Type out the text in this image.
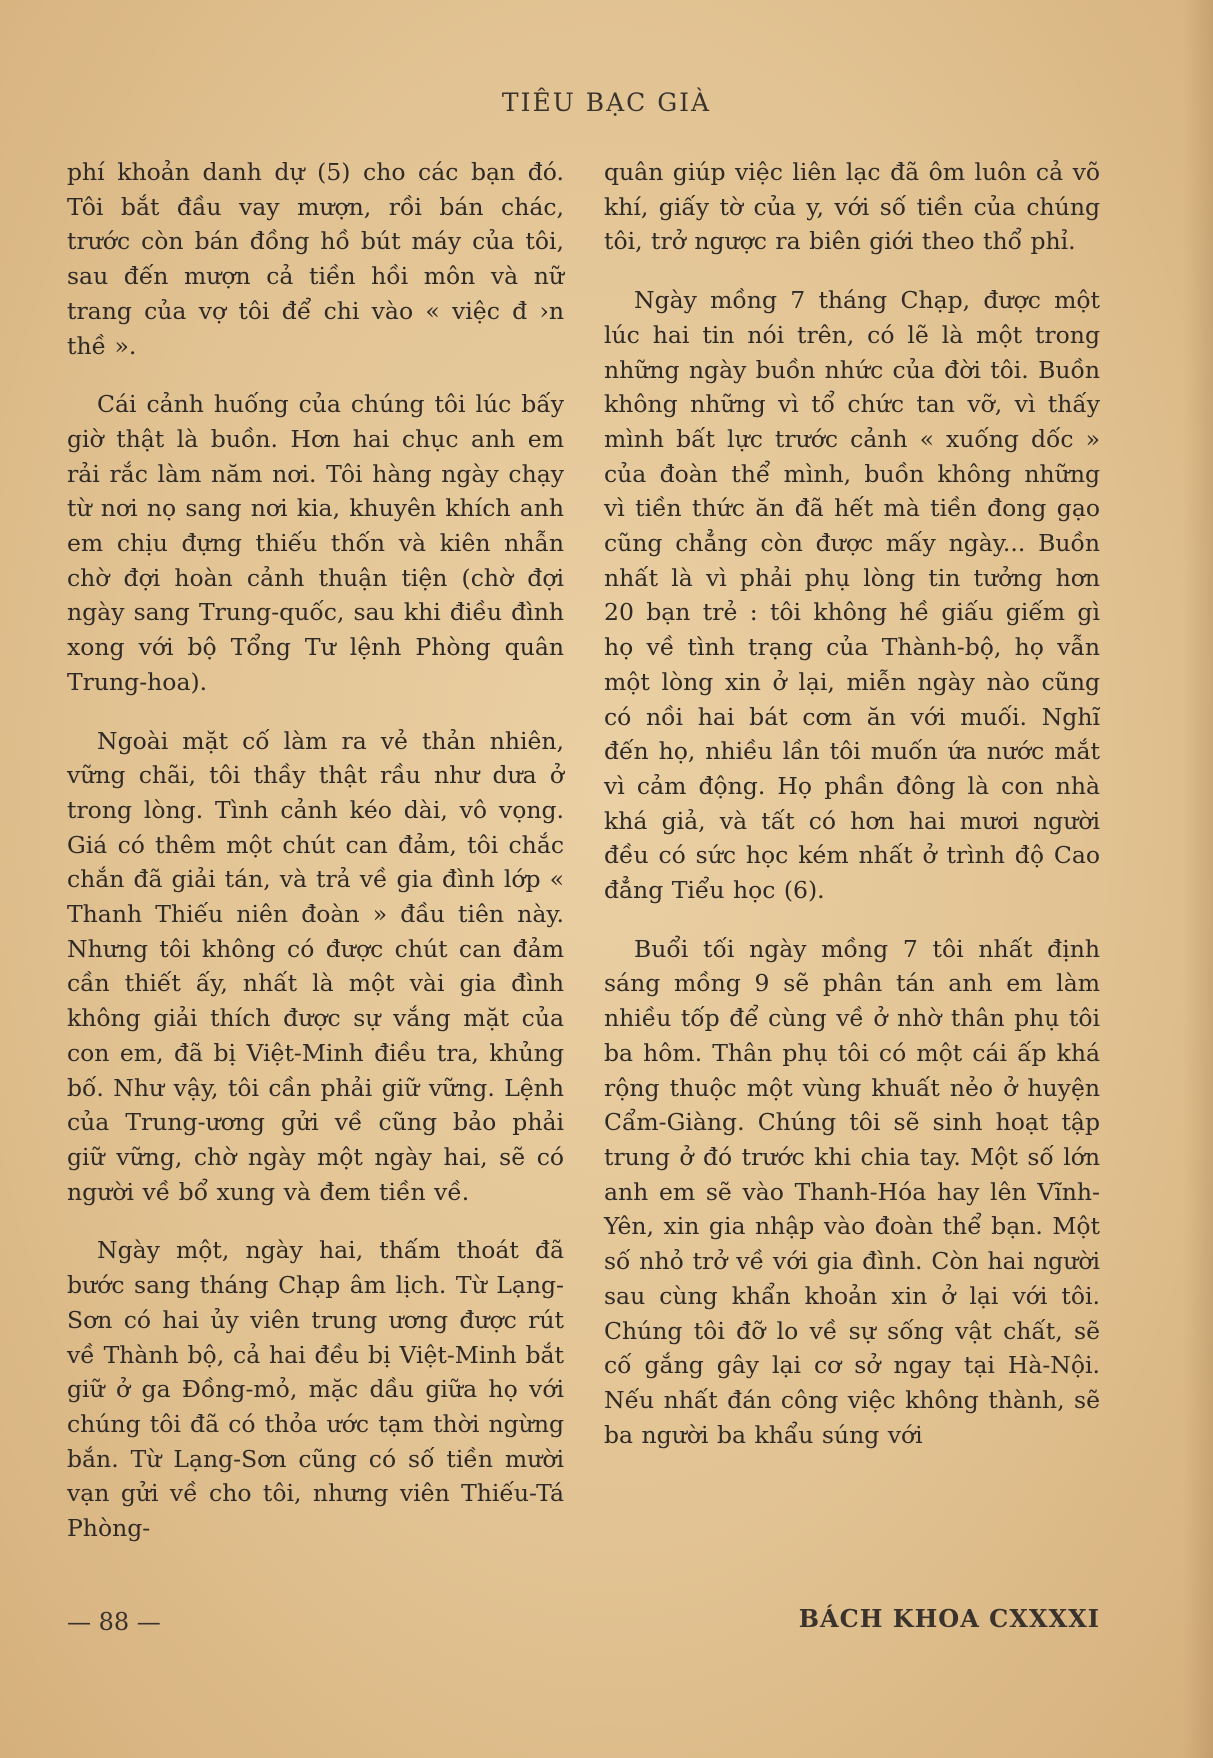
TIÊU BẠC GIÀ

phí khoản danh dự (5) cho các bạn đó. Tôi bắt đầu vay mượn, rồi bán chác, trước còn bán đồng hồ bút máy của tôi, sau đến mượn cả tiền hồi môn và nữ trang của vợ tôi để chi vào « việc đ ›n thề ».

Cái cảnh huống của chúng tôi lúc bấy giờ thật là buồn. Hơn hai chục anh em rải rắc làm năm nơi. Tôi hàng ngày chạy từ nơi nọ sang nơi kia, khuyên khích anh em chịu đựng thiếu thốn và kiên nhẫn chờ đợi hoàn cảnh thuận tiện (chờ đợi ngày sang Trung-quốc, sau khi điều đình xong với bộ Tổng Tư lệnh Phòng quân Trung-hoa).

Ngoài mặt cố làm ra vẻ thản nhiên, vững chãi, tôi thầy thật rầu như dưa ở trong lòng. Tình cảnh kéo dài, vô vọng. Giá có thêm một chút can đảm, tôi chắc chắn đã giải tán, và trả về gia đình lớp « Thanh Thiếu niên đoàn » đầu tiên này. Nhưng tôi không có được chút can đảm cần thiết ấy, nhất là một vài gia đình không giải thích được sự vắng mặt của con em, đã bị Việt-Minh điều tra, khủng bố. Như vậy, tôi cần phải giữ vững. Lệnh của Trung-ương gửi về cũng bảo phải giữ vững, chờ ngày một ngày hai, sẽ có người về bổ xung và đem tiền về.

Ngày một, ngày hai, thấm thoát đã bước sang tháng Chạp âm lịch. Từ Lạng-Sơn có hai ủy viên trung ương được rút về Thành bộ, cả hai đều bị Việt-Minh bắt giữ ở ga Đồng-mỏ, mặc dầu giữa họ với chúng tôi đã có thỏa ước tạm thời ngừng bắn. Từ Lạng-Sơn cũng có số tiền mười vạn gửi về cho tôi, nhưng viên Thiếu-Tá Phòng-

quân giúp việc liên lạc đã ôm luôn cả võ khí, giấy tờ của y, với số tiền của chúng tôi, trở ngược ra biên giới theo thổ phỉ.

Ngày mồng 7 tháng Chạp, được một lúc hai tin nói trên, có lẽ là một trong những ngày buồn nhức của đời tôi. Buồn không những vì tổ chức tan vỡ, vì thấy mình bất lực trước cảnh « xuống dốc » của đoàn thể mình, buồn không những vì tiền thức ăn đã hết mà tiền đong gạo cũng chẳng còn được mấy ngày... Buồn nhất là vì phải phụ lòng tin tưởng hơn 20 bạn trẻ : tôi không hề giấu giếm gì họ về tình trạng của Thành-bộ, họ vẫn một lòng xin ở lại, miễn ngày nào cũng có nồi hai bát cơm ăn với muối. Nghĩ đến họ, nhiều lần tôi muốn ứa nước mắt vì cảm động. Họ phần đông là con nhà khá giả, và tất có hơn hai mươi người đều có sức học kém nhất ở trình độ Cao đẳng Tiểu học (6).

Buổi tối ngày mồng 7 tôi nhất định sáng mồng 9 sẽ phân tán anh em làm nhiều tốp để cùng về ở nhờ thân phụ tôi ba hôm. Thân phụ tôi có một cái ấp khá rộng thuộc một vùng khuất nẻo ở huyện Cẩm-Giàng. Chúng tôi sẽ sinh hoạt tập trung ở đó trước khi chia tay. Một số lớn anh em sẽ vào Thanh-Hóa hay lên Vĩnh-Yên, xin gia nhập vào đoàn thể bạn. Một số nhỏ trở về với gia đình. Còn hai người sau cùng khẩn khoản xin ở lại với tôi. Chúng tôi đỡ lo về sự sống vật chất, sẽ cố gắng gây lại cơ sở ngay tại Hà-Nội. Nếu nhất đán công việc không thành, sẽ ba người ba khẩu súng với

— 88 —	BÁCH KHOA CXXXXI
